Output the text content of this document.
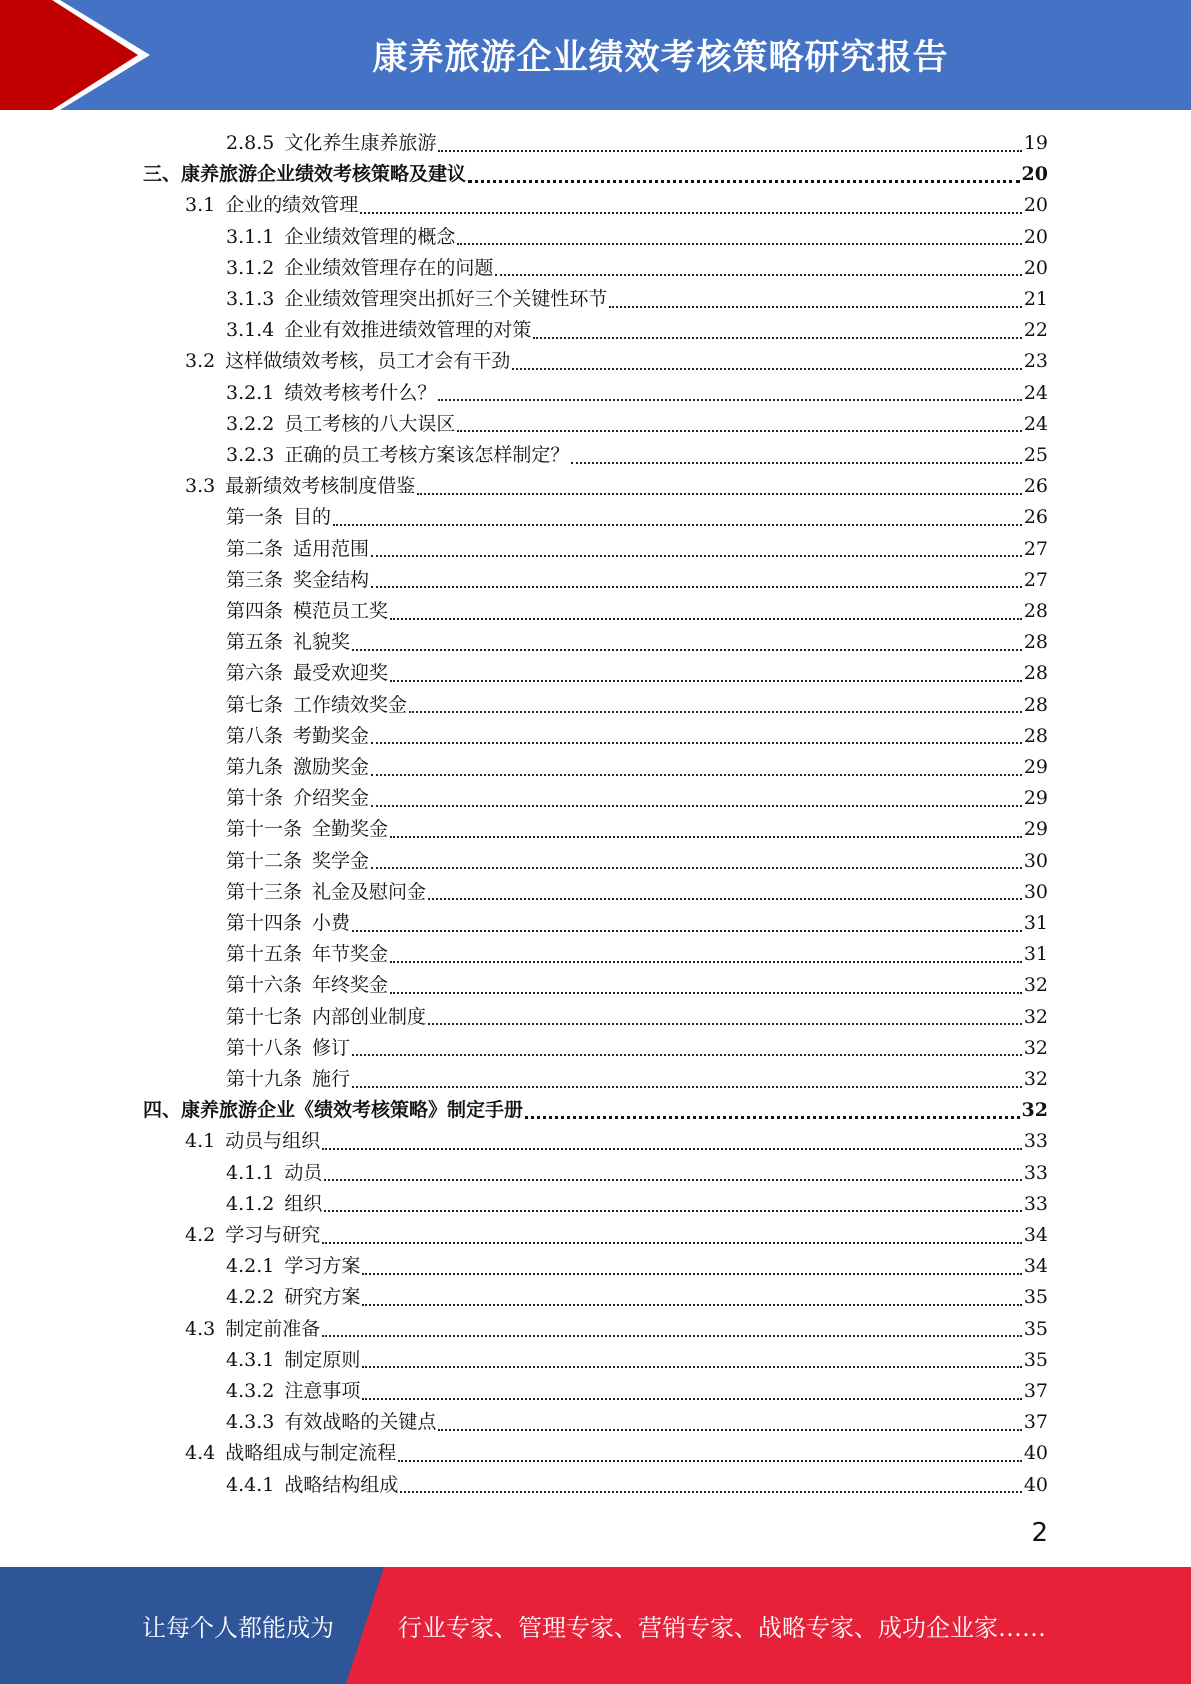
康养旅游企业绩效考核策略研究报告
2.8.5 文化养生康养旅游	19
三、 康养旅游企业绩效考核策略及建议	20
3.1 企业的绩效管理	20
3.1.1 企业绩效管理的概念	20
3.1.2 企业绩效管理存在的问题	20
3.1.3 企业绩效管理突出抓好三个关键性环节	21
3.1.4 企业有效推进绩效管理的对策	22
3.2 这样做绩效考核，员工才会有干劲	23
3.2.1 绩效考核考什么？	24
3.2.2 员工考核的八大误区	24
3.2.3 正确的员工考核方案该怎样制定？	25
3.3 最新绩效考核制度借鉴	26
第一条 目的	26
第二条 适用范围	27
第三条 奖金结构	27
第四条 模范员工奖	28
第五条 礼貌奖	28
第六条 最受欢迎奖	28
第七条 工作绩效奖金	28
第八条 考勤奖金	28
第九条 激励奖金	29
第十条 介绍奖金	29
第十一条 全勤奖金	29
第十二条 奖学金	30
第十三条 礼金及慰问金	30
第十四条 小费	31
第十五条 年节奖金	31
第十六条 年终奖金	32
第十七条 内部创业制度	32
第十八条 修订	32
第十九条 施行	32
四、 康养旅游企业《绩效考核策略》制定手册	32
4.1 动员与组织	33
4.1.1 动员	33
4.1.2 组织	33
4.2 学习与研究	34
4.2.1 学习方案	34
4.2.2 研究方案	35
4.3 制定前准备	35
4.3.1 制定原则	35
4.3.2 注意事项	37
4.3.3 有效战略的关键点	37
4.4 战略组成与制定流程	40
4.4.1 战略结构组成	40
2
让每个人都能成为	行业专家、管理专家、营销专家、战略专家、成功企业家……
